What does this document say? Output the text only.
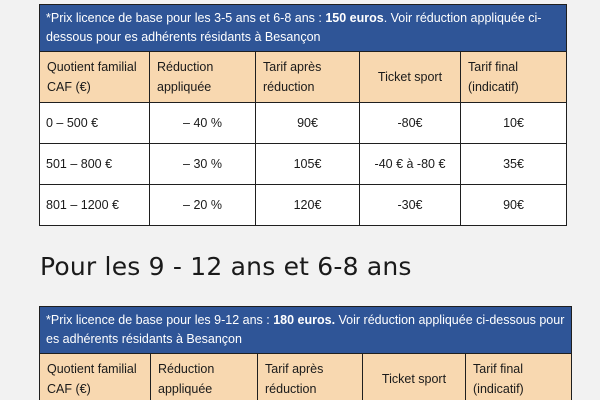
*Prix licence de base pour les 3-5 ans et 6-8 ans : 150 euros. Voir réduction appliquée ci-dessous pour es adhérents résidants à Besançon				
Quotient familial CAF (€)	Réduction appliquée	Tarif après réduction	Ticket sport	Tarif final (indicatif)
0 – 500 €	– 40 %	90€	-80€	10€
501 – 800 €	– 30 %	105€	-40 € à -80 €	35€
801 – 1200 €	– 20 %	120€	-30€	90€
Pour les 9 - 12 ans et 6-8 ans
*Prix licence de base pour les 9-12 ans : 180 euros. Voir réduction appliquée ci-dessous pour es adhérents résidants à Besançon
Quotient familial CAF (€)	Réduction appliquée	Tarif après réduction	Ticket sport	Tarif final (indicatif)
